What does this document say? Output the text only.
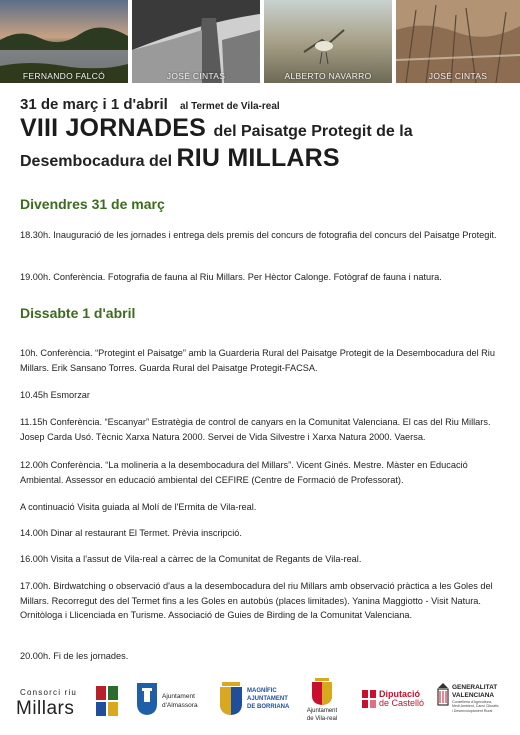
FERNANDO FALCÓ	JOSÉ CINTAS	ALBERTO NAVARRO	JOSÉ CINTAS
31 de març i 1 d'abril al Termet de Vila-real
VIII JORNADES del Paisatge Protegit de la
Desembocadura del RIU MILLARS
Divendres 31 de març
18.30h. Inauguració de les jornades i entrega dels premis del concurs de fotografia del concurs del Paisatge Protegit.
19.00h. Conferència. Fotografia de fauna al Riu Millars. Per Hèctor Calonge. Fotògraf de fauna i natura.
Dissabte 1 d'abril
10h. Conferència. “Protegint el Paisatge” amb la Guarderia Rural del Paisatge Protegit de la Desembocadura del Riu Millars. Erik Sansano Torres. Guarda Rural del Paisatge Protegit-FACSA.
10.45h Esmorzar
11.15h Conferència. “Escanyar” Estratègia de control de canyars en la Comunitat Valenciana. El cas del Riu Millars. Josep Carda Usó. Tècnic Xarxa Natura 2000. Servei de Vida Silvestre i Xarxa Natura 2000. Vaersa.
12.00h Conferència. “La molineria a la desembocadura del Millars”. Vicent Ginés. Mestre. Màster en Educació Ambiental. Assessor en educació ambiental del CEFIRE (Centre de Formació de Professorat).
A continuació Visita guiada al Molí de l'Ermita de Vila-real.
14.00h Dinar al restaurant El Termet. Prèvia inscripció.
16.00h Visita a l'assut de Vila-real a càrrec de la Comunitat de Regants de Vila-real.
17.00h. Birdwatching o observació d'aus a la desembocadura del riu Millars amb observació pràctica a les Goles del Millars. Recorregut des del Termet fins a les Goles en autobús (places limitades). Yanina Maggiotto - Visit Natura. Ornitòloga i Llicenciada en Turisme. Associació de Guies de Birding de la Comunitat Valenciana.
20.00h. Fi de les jornades.
Consorci riu
Millars
Ajuntament
d'Almassora
MAGNÍFIC
AJUNTAMENT
DE BORRIANA
Ajuntament
de Vila-real
Diputació
de Castelló
GENERALITAT
VALENCIANA
Conselleria d'Agricultura,
Medi Ambient, Canvi Climàtic
i Desenvolupament Rural
